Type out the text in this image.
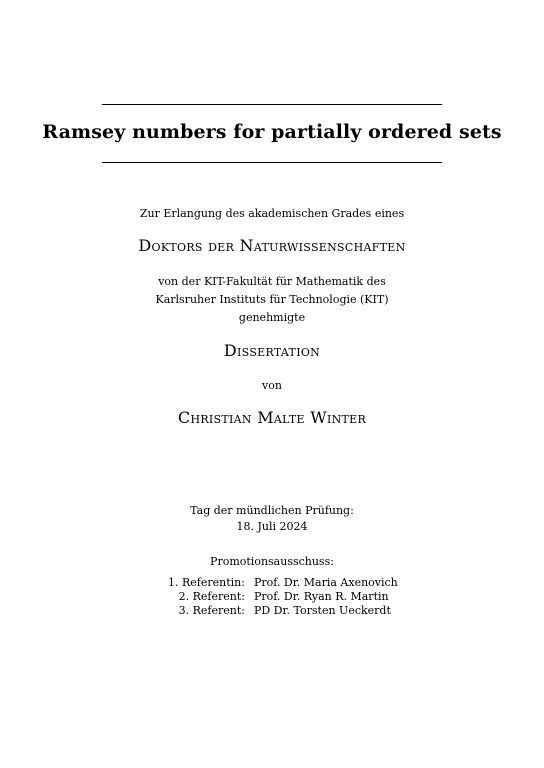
Ramsey numbers for partially ordered sets
Zur Erlangung des akademischen Grades eines
Doktors der Naturwissenschaften
von der KIT-Fakultät für Mathematik des
Karlsruher Instituts für Technologie (KIT)
genehmigte
Dissertation
von
Christian Malte Winter
Tag der mündlichen Prüfung:
18. Juli 2024
Promotionsausschuss:
1. Referentin:	Prof. Dr. Maria Axenovich
2. Referent:	Prof. Dr. Ryan R. Martin
3. Referent:	PD Dr. Torsten Ueckerdt
